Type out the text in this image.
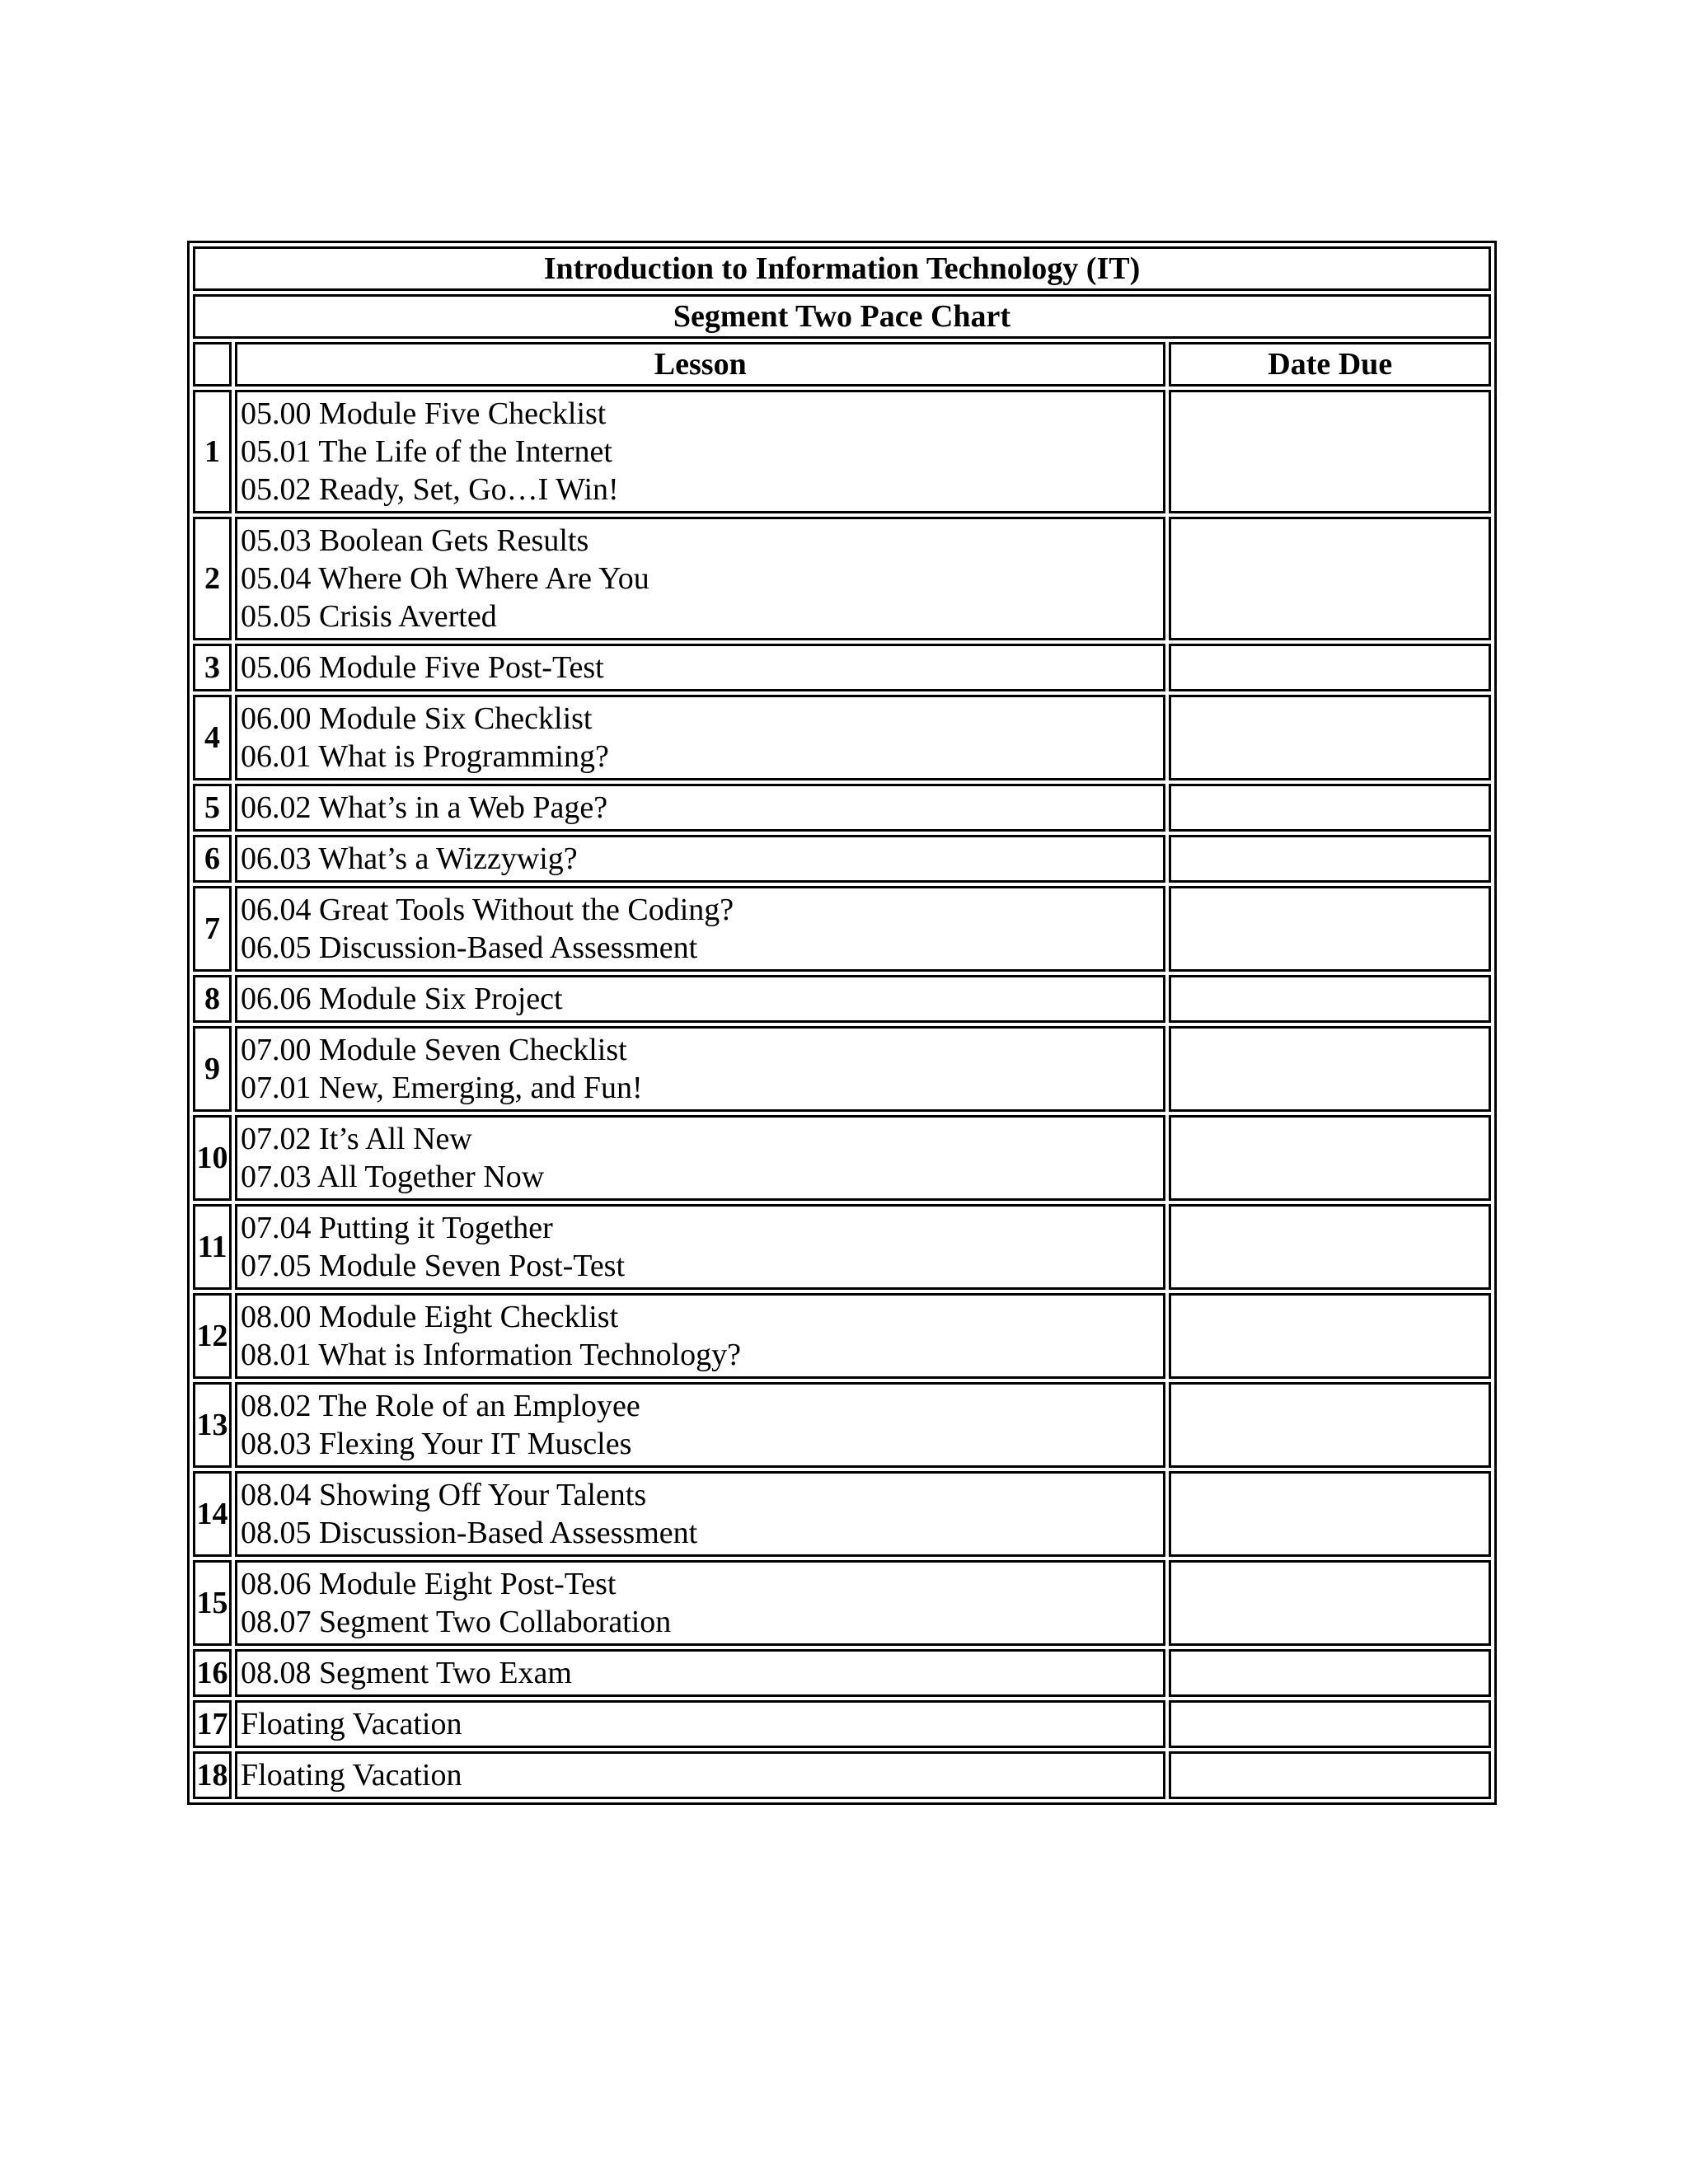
Introduction to Information Technology (IT)		
Segment Two Pace Chart		
	Lesson	Date Due
1	05.00 Module Five Checklist
05.01 The Life of the Internet
05.02 Ready, Set, Go…I Win!	

2	05.03 Boolean Gets Results
05.04 Where Oh Where Are You
05.05 Crisis Averted	

3	05.06 Module Five Post-Test	

4	06.00 Module Six Checklist
06.01 What is Programming?	

5	06.02 What’s in a Web Page?	

6	06.03 What’s a Wizzywig?	

7	06.04 Great Tools Without the Coding?
06.05 Discussion-Based Assessment	

8	06.06 Module Six Project	

9	07.00 Module Seven Checklist
07.01 New, Emerging, and Fun!	

10	07.02 It’s All New
07.03 All Together Now	

11	07.04 Putting it Together
07.05 Module Seven Post-Test	

12	08.00 Module Eight Checklist
08.01 What is Information Technology?	

13	08.02 The Role of an Employee
08.03 Flexing Your IT Muscles	

14	08.04 Showing Off Your Talents
08.05 Discussion-Based Assessment	

15	08.06 Module Eight Post-Test
08.07 Segment Two Collaboration	

16	08.08 Segment Two Exam	

17	Floating Vacation	

18	Floating Vacation	
